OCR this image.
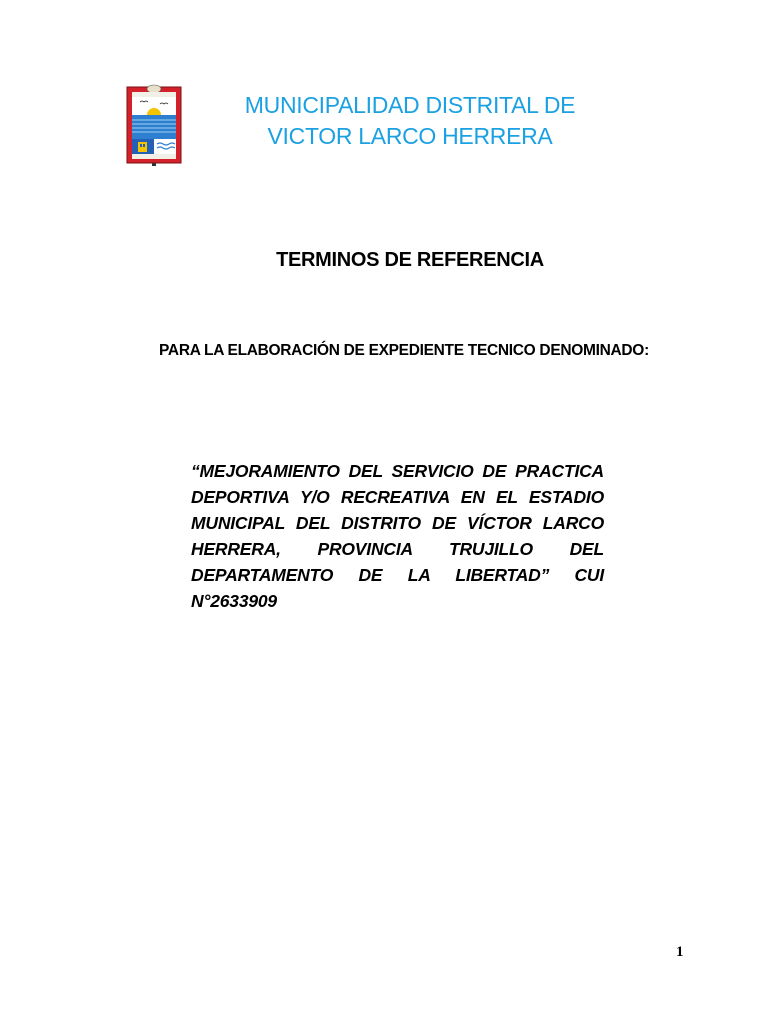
MUNICIPALIDAD DISTRITAL DE VICTOR LARCO HERRERA
TERMINOS DE REFERENCIA
PARA LA ELABORACIÓN DE EXPEDIENTE TECNICO DENOMINADO:
“MEJORAMIENTO DEL SERVICIO DE PRACTICA DEPORTIVA Y/O RECREATIVA EN EL ESTADIO MUNICIPAL DEL DISTRITO DE VÍCTOR LARCO HERRERA, PROVINCIA TRUJILLO DEL DEPARTAMENTO DE LA LIBERTAD” CUI N°2633909
1
